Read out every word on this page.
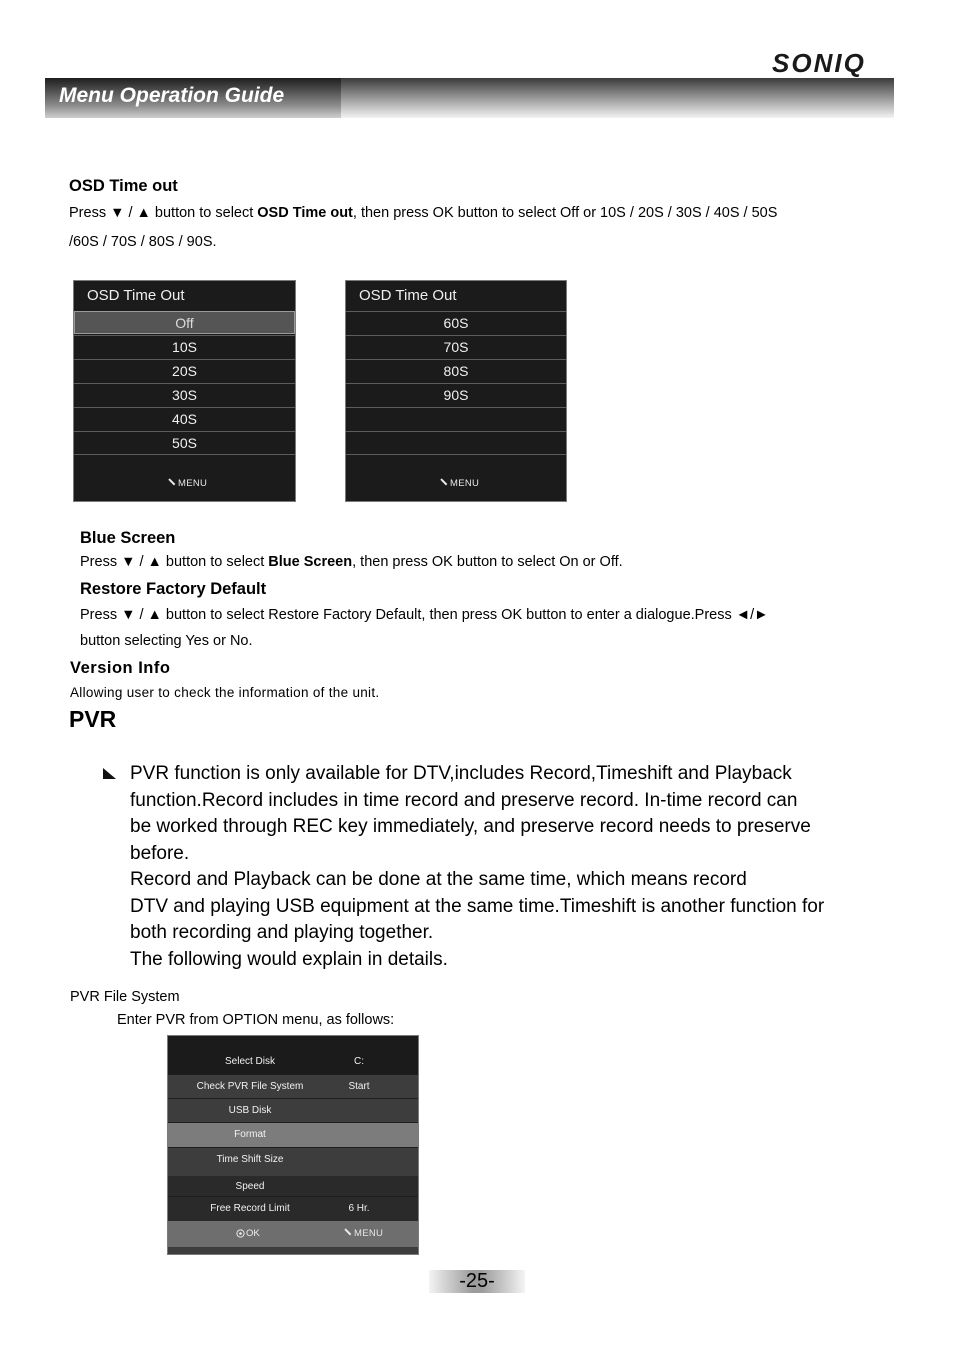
Menu Operation Guide
SONIQ
OSD Time out
Press ▼ / ▲ button to select OSD Time out, then press OK button to select Off or 10S / 20S / 30S / 40S / 50S
/60S / 70S / 80S / 90S.
OSD Time Out
Off
10S
20S
30S
40S
50S
MENU
OSD Time Out
60S
70S
80S
90S
MENU
Blue Screen
Press ▼ / ▲ button to select Blue Screen, then press OK button to select On or Off.
Restore Factory Default
Press ▼ / ▲ button to select Restore Factory Default, then press OK button to enter a dialogue.Press ◄/►
button selecting Yes or No.
Version Info
Allowing user to check the information of the unit.
PVR
PVR function is only available for DTV,includes Record,Timeshift and Playback
function.Record includes in time record and preserve record. In-time record can
be worked through REC key immediately, and preserve record needs to preserve
before.
Record and Playback can be done at the same time, which means record
DTV and playing USB equipment at the same time.Timeshift is another function for
both recording and playing together.
The following would explain in details.
PVR File System
Enter PVR from OPTION menu, as follows:
Select Disk	C:
Check PVR File System	Start
USB Disk
Format
Time Shift Size
Speed
Free Record Limit	6 Hr.
OK	MENU
-25-
